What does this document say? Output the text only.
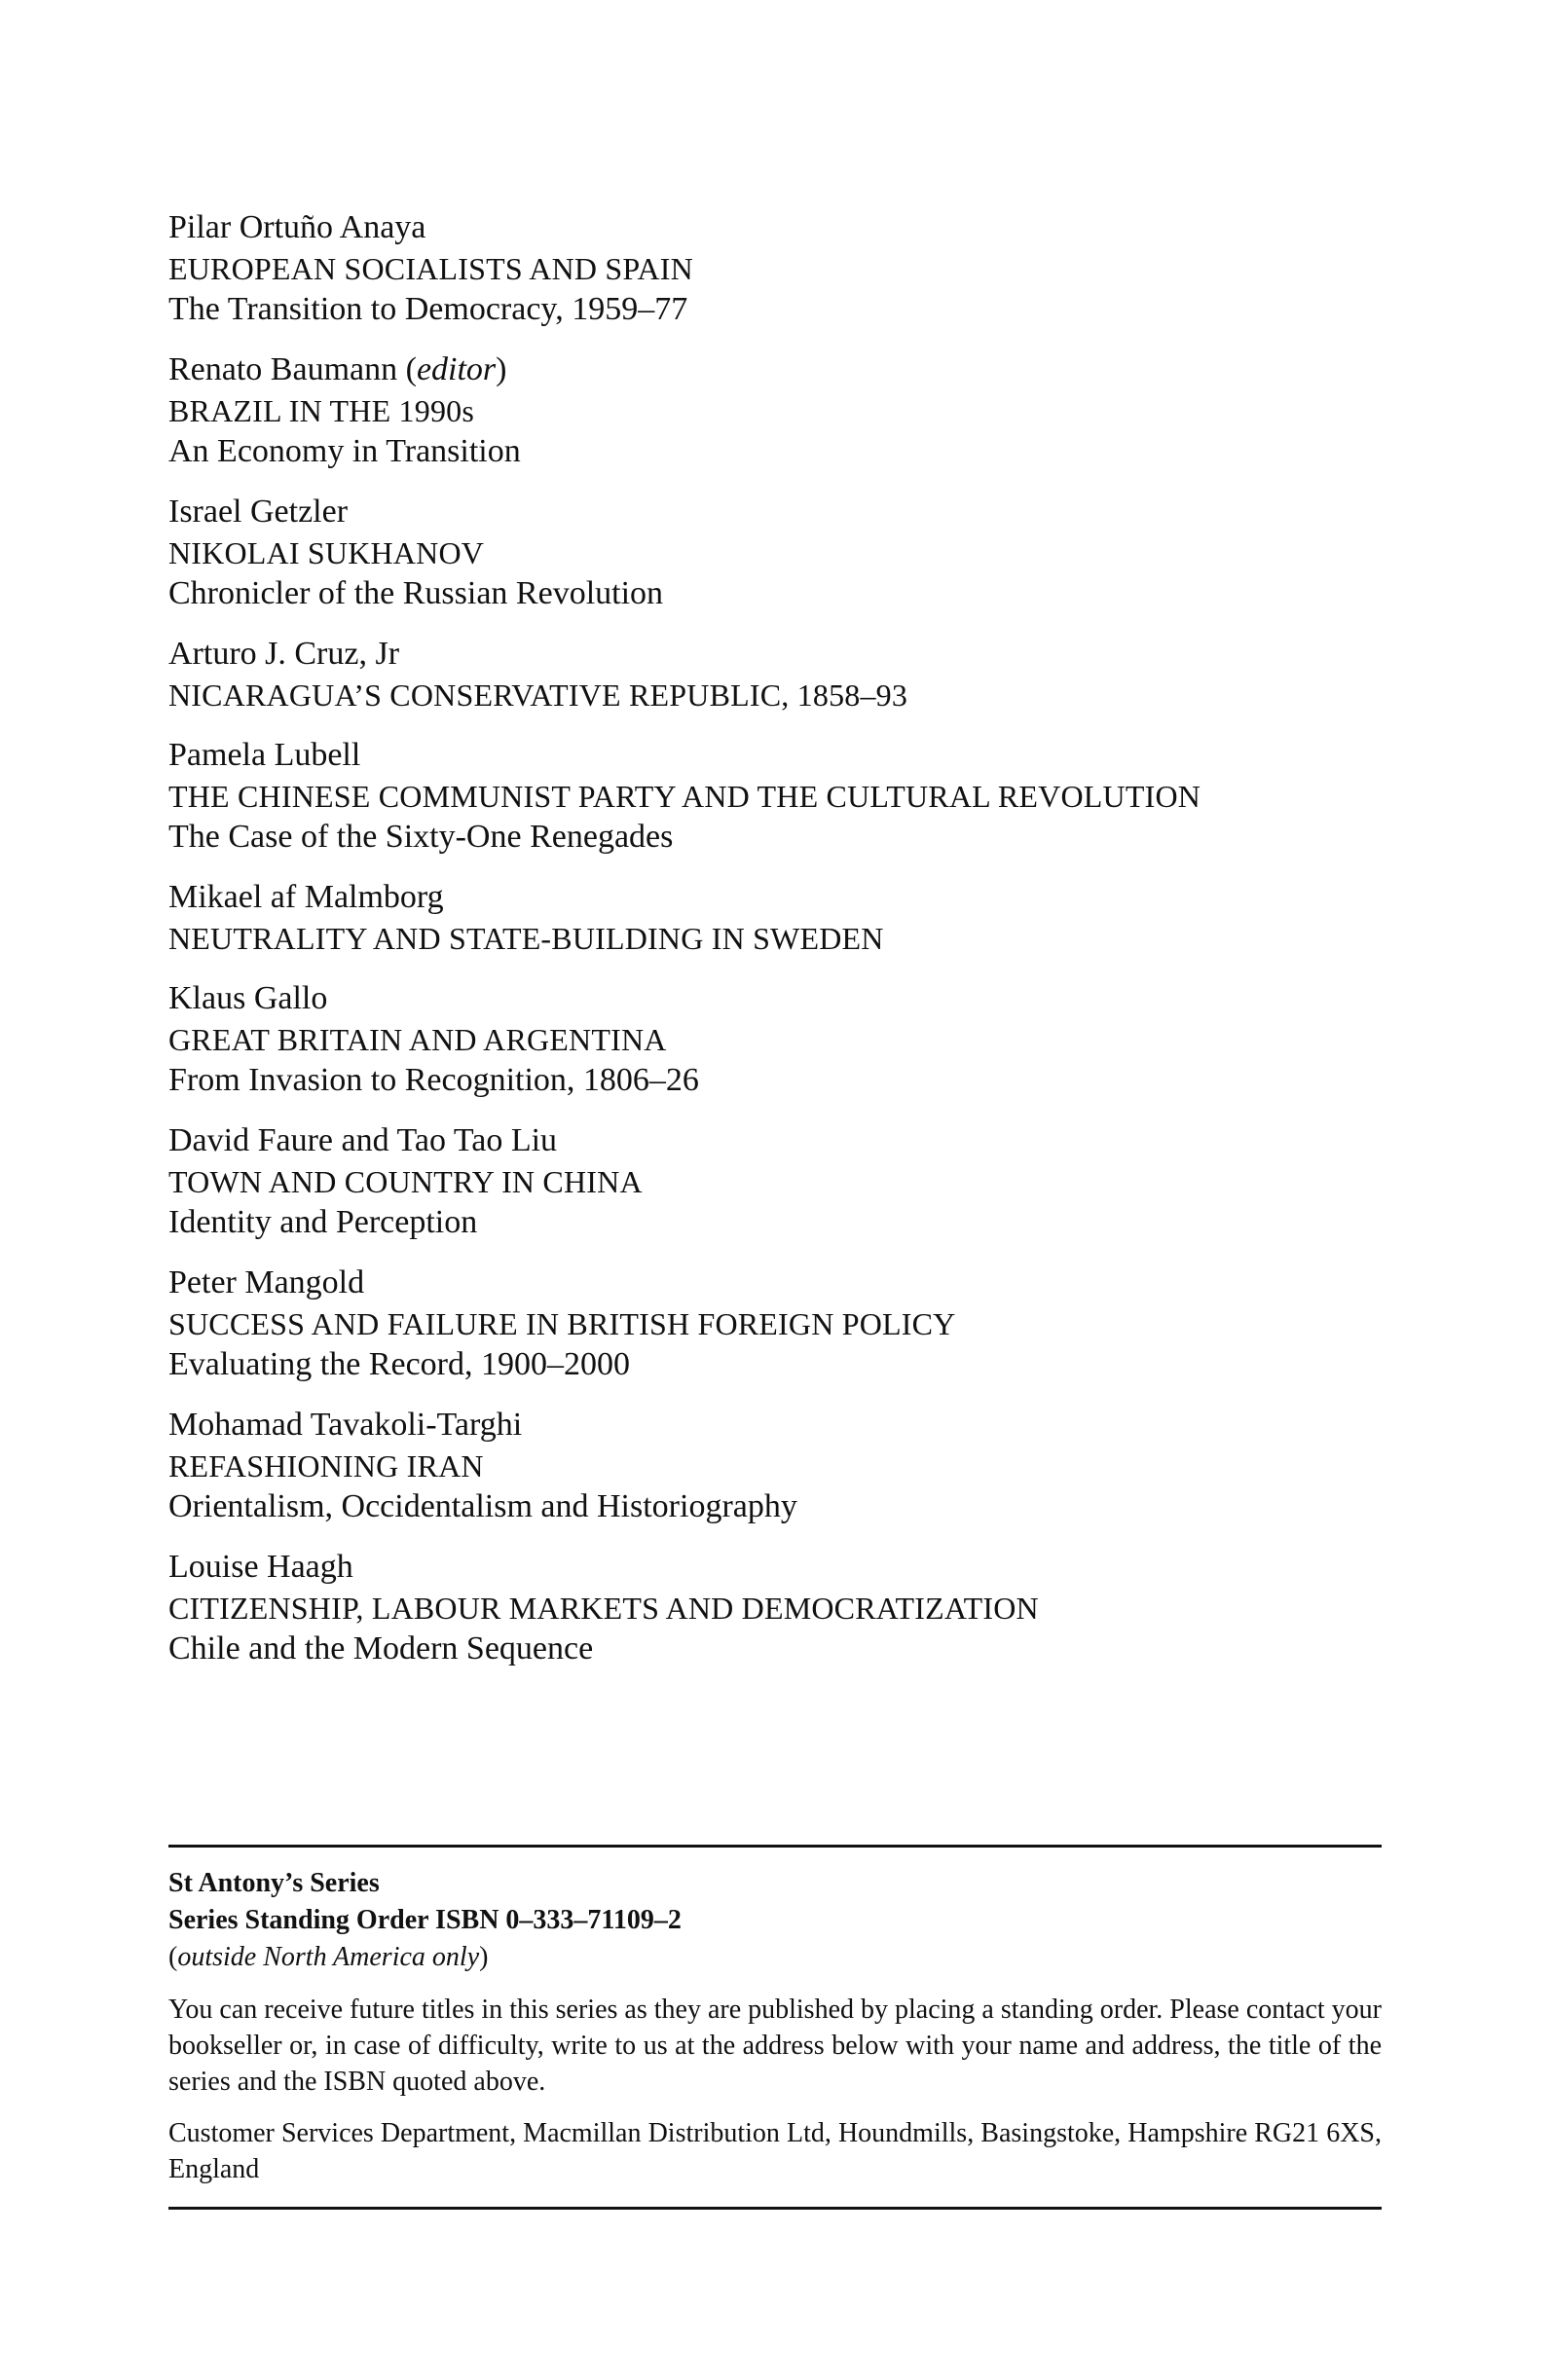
Pilar Ortuño Anaya
EUROPEAN SOCIALISTS AND SPAIN
The Transition to Democracy, 1959–77
Renato Baumann (editor)
BRAZIL IN THE 1990s
An Economy in Transition
Israel Getzler
NIKOLAI SUKHANOV
Chronicler of the Russian Revolution
Arturo J. Cruz, Jr
NICARAGUA’S CONSERVATIVE REPUBLIC, 1858–93
Pamela Lubell
THE CHINESE COMMUNIST PARTY AND THE CULTURAL REVOLUTION
The Case of the Sixty-One Renegades
Mikael af Malmborg
NEUTRALITY AND STATE-BUILDING IN SWEDEN
Klaus Gallo
GREAT BRITAIN AND ARGENTINA
From Invasion to Recognition, 1806–26
David Faure and Tao Tao Liu
TOWN AND COUNTRY IN CHINA
Identity and Perception
Peter Mangold
SUCCESS AND FAILURE IN BRITISH FOREIGN POLICY
Evaluating the Record, 1900–2000
Mohamad Tavakoli-Targhi
REFASHIONING IRAN
Orientalism, Occidentalism and Historiography
Louise Haagh
CITIZENSHIP, LABOUR MARKETS AND DEMOCRATIZATION
Chile and the Modern Sequence
St Antony’s Series
Series Standing Order ISBN 0–333–71109–2
(outside North America only)

You can receive future titles in this series as they are published by placing a standing order. Please contact your bookseller or, in case of difficulty, write to us at the address below with your name and address, the title of the series and the ISBN quoted above.

Customer Services Department, Macmillan Distribution Ltd, Houndmills, Basingstoke, Hampshire RG21 6XS, England
